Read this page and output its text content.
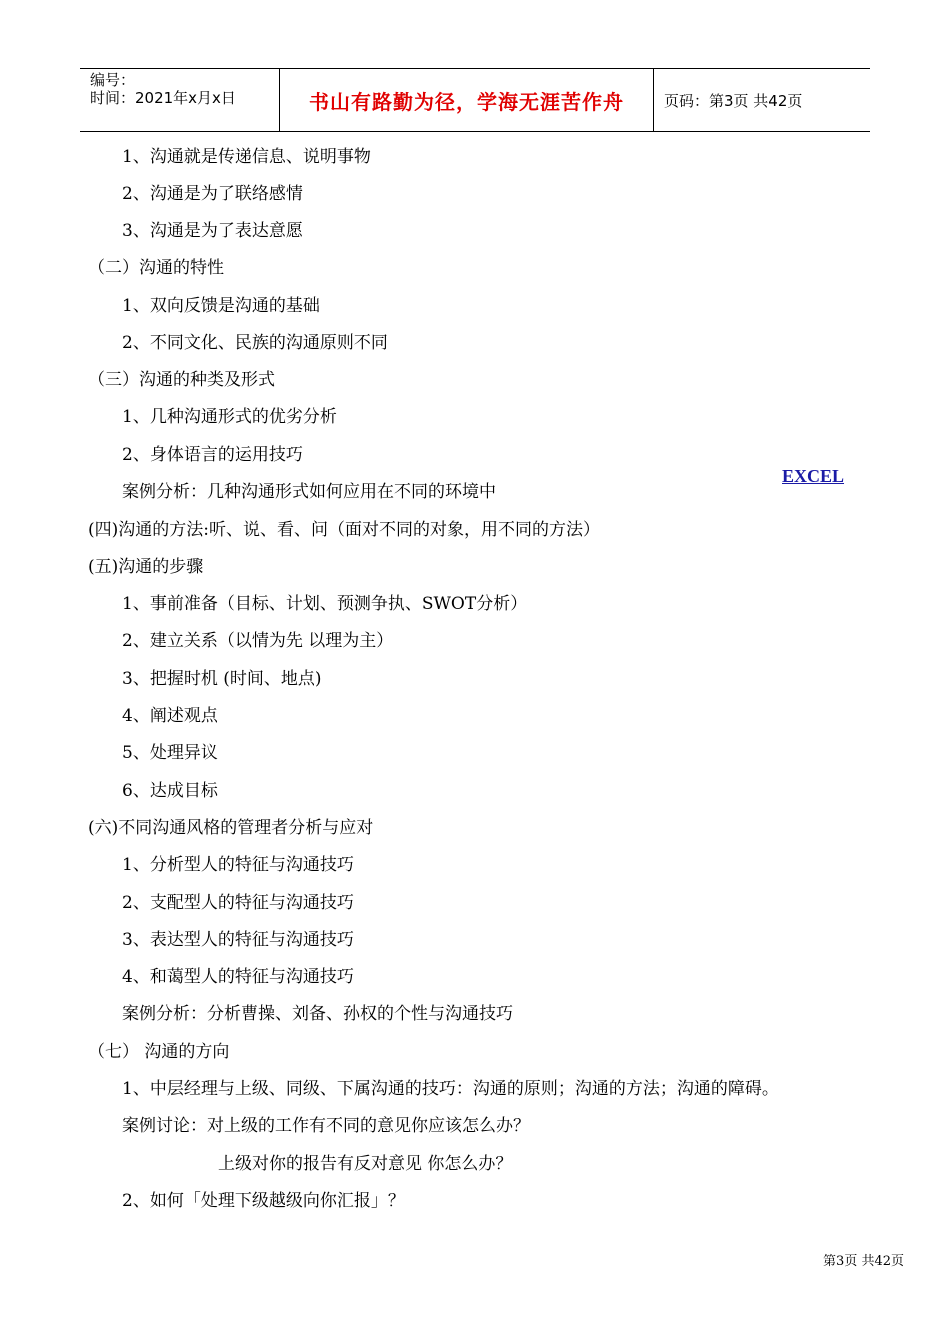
编号：
时间：2021年x月x日	书山有路勤为径，学海无涯苦作舟	页码：第3页 共42页
1、沟通就是传递信息、说明事物
2、沟通是为了联络感情
3、沟通是为了表达意愿
（二）沟通的特性
1、双向反馈是沟通的基础
2、不同文化、民族的沟通原则不同
（三）沟通的种类及形式
1、几种沟通形式的优劣分析
2、身体语言的运用技巧
案例分析：几种沟通形式如何应用在不同的环境中
(四)沟通的方法:听、说、看、问（面对不同的对象，用不同的方法）
(五)沟通的步骤
1、事前准备（目标、计划、预测争执、SWOT分析）
2、建立关系（以情为先 以理为主）
3、把握时机 (时间、地点)
4、阐述观点
5、处理异议
6、达成目标
(六)不同沟通风格的管理者分析与应对
1、分析型人的特征与沟通技巧
2、支配型人的特征与沟通技巧
3、表达型人的特征与沟通技巧
4、和蔼型人的特征与沟通技巧
案例分析：分析曹操、刘备、孙权的个性与沟通技巧
（七） 沟通的方向
1、中层经理与上级、同级、下属沟通的技巧：沟通的原则；沟通的方法；沟通的障碍。
案例讨论：对上级的工作有不同的意见你应该怎么办？
上级对你的报告有反对意见 你怎么办？
2、如何「处理下级越级向你汇报」？
EXCEL
第3页 共42页
